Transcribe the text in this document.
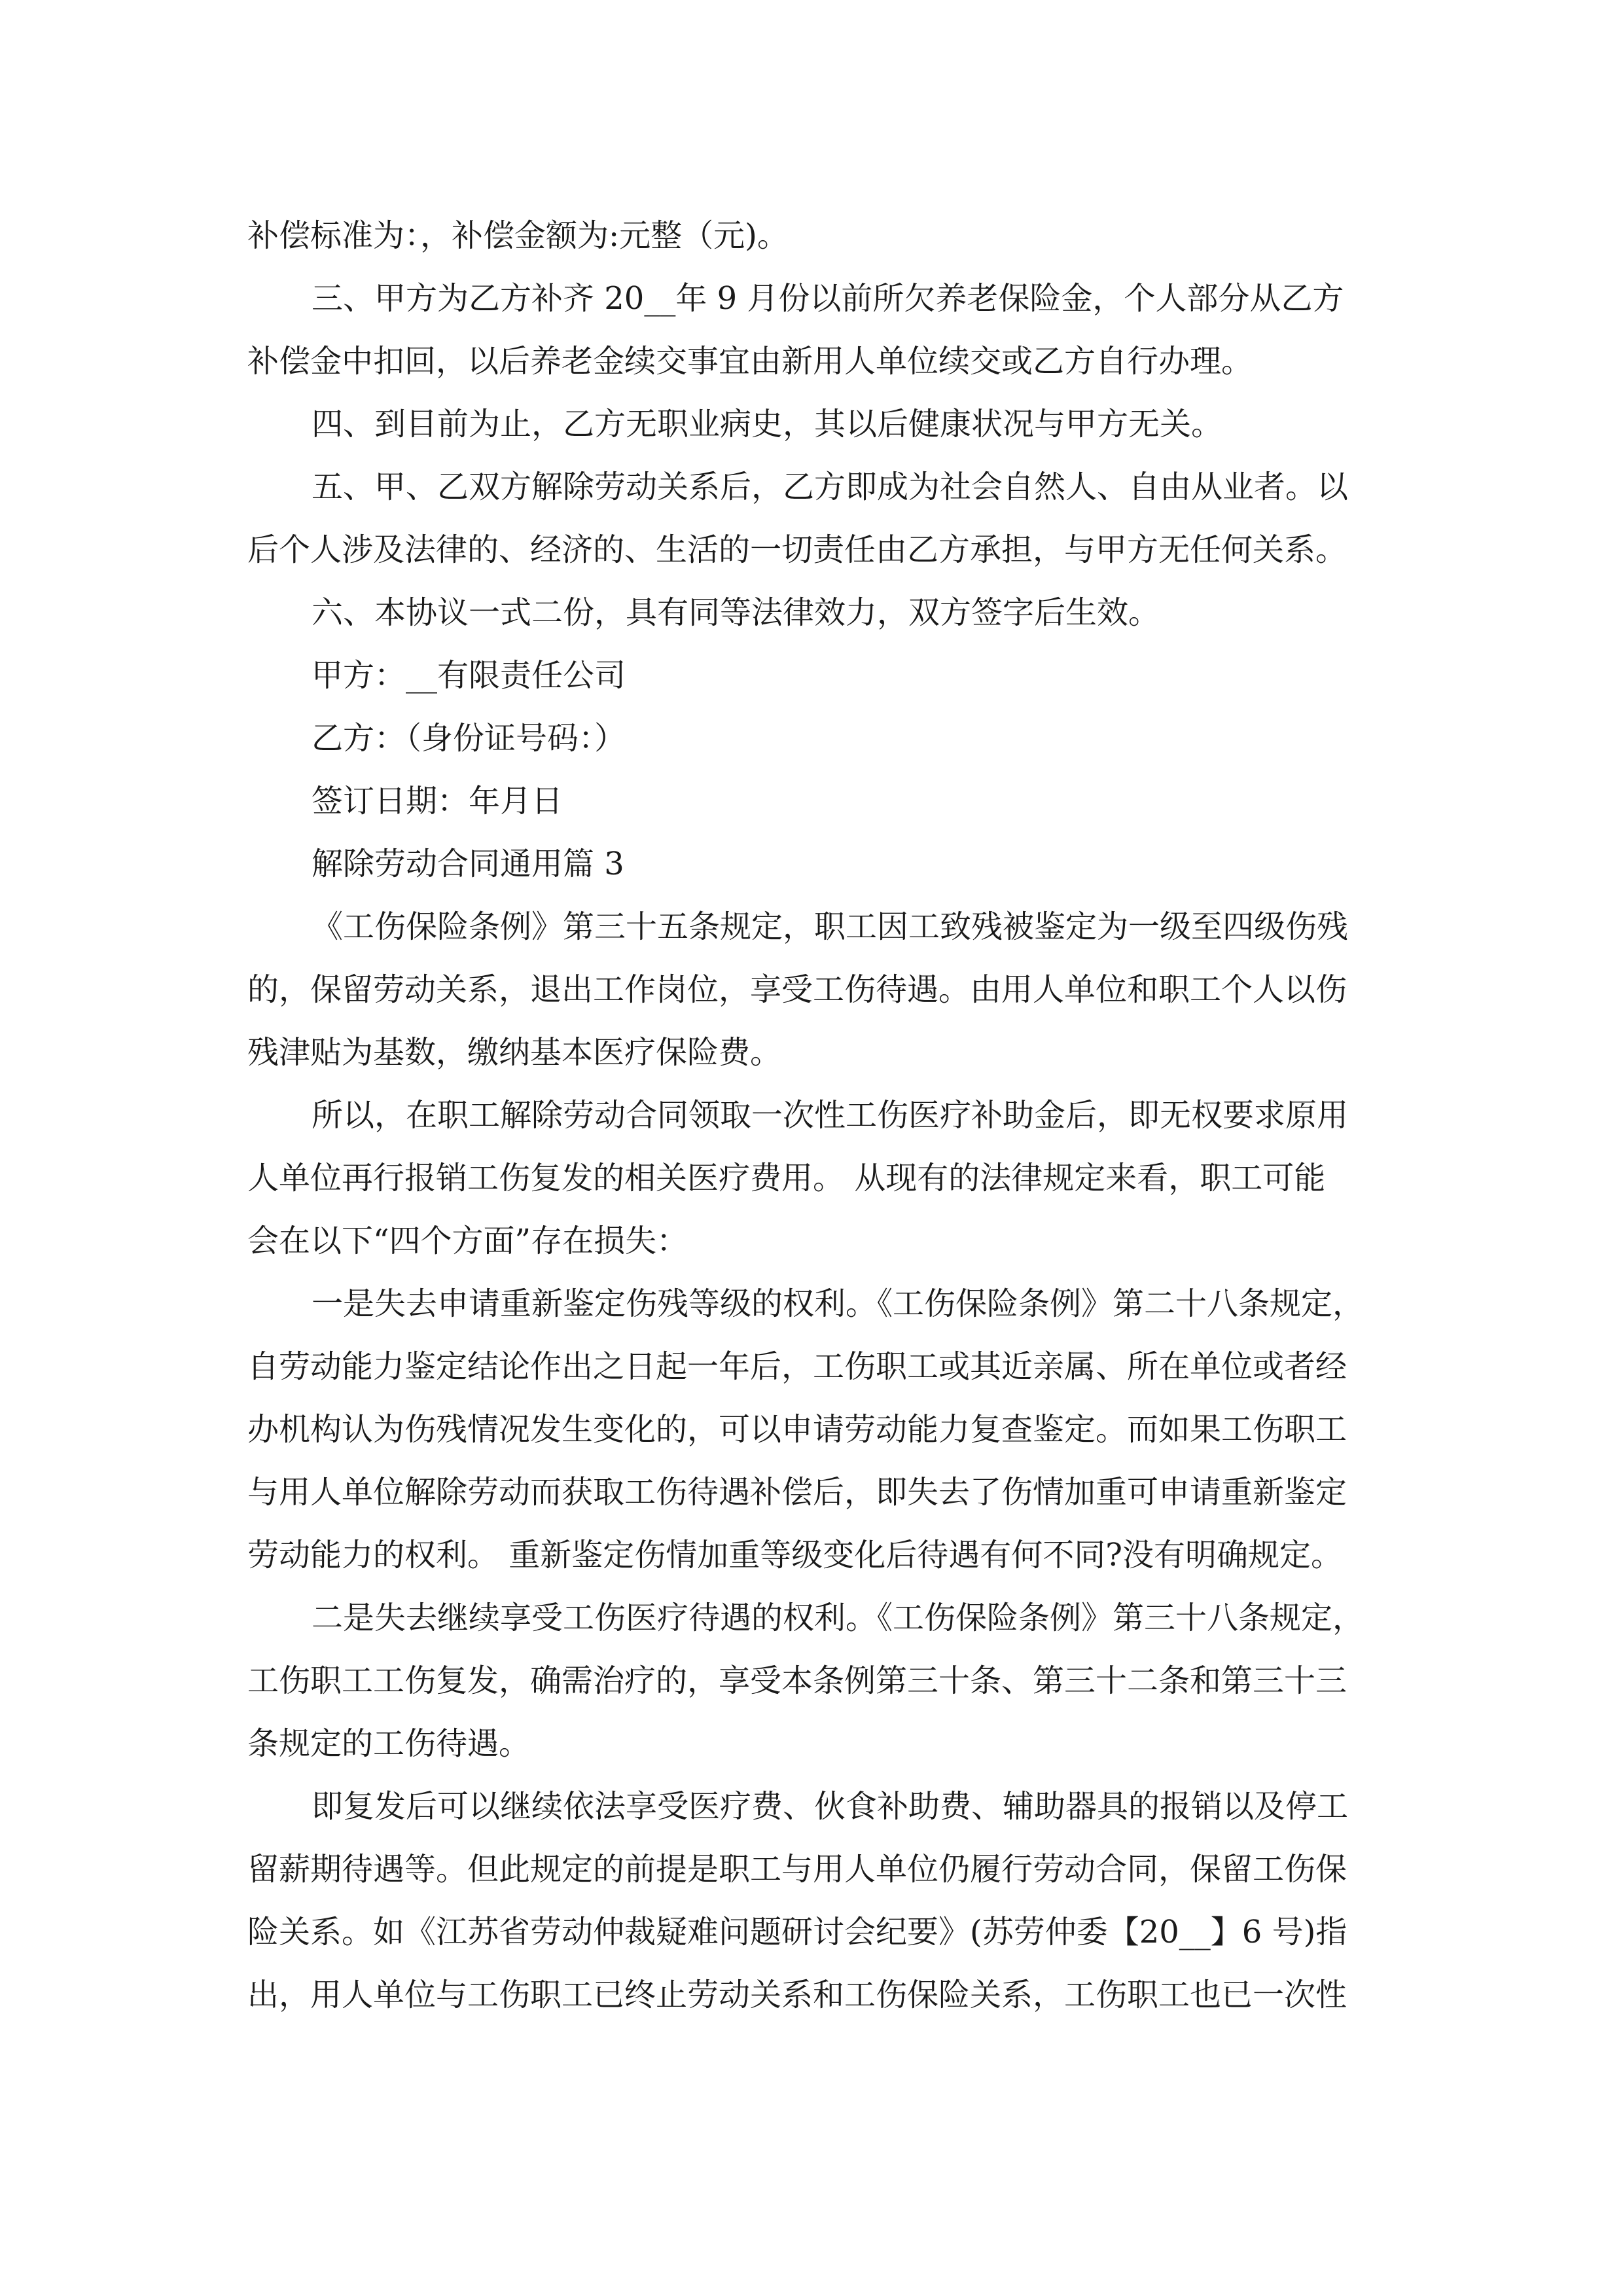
补偿标准为：，补偿金额为:元整（元)。
三、甲方为乙方补齐 20__年 9 月份以前所欠养老保险金，个人部分从乙方
补偿金中扣回，以后养老金续交事宜由新用人单位续交或乙方自行办理。
四、到目前为止，乙方无职业病史，其以后健康状况与甲方无关。
五、甲、乙双方解除劳动关系后，乙方即成为社会自然人、自由从业者。以
后个人涉及法律的、经济的、生活的一切责任由乙方承担，与甲方无任何关系。
六、本协议一式二份，具有同等法律效力，双方签字后生效。
甲方：__有限责任公司
乙方：（身份证号码：）
签订日期：年月日
解除劳动合同通用篇 3
《工伤保险条例》第三十五条规定，职工因工致残被鉴定为一级至四级伤残
的，保留劳动关系，退出工作岗位，享受工伤待遇。由用人单位和职工个人以伤
残津贴为基数，缴纳基本医疗保险费。
所以，在职工解除劳动合同领取一次性工伤医疗补助金后，即无权要求原用
人单位再行报销工伤复发的相关医疗费用。 从现有的法律规定来看，职工可能
会在以下“四个方面”存在损失：
一是失去申请重新鉴定伤残等级的权利。《工伤保险条例》第二十八条规定，
自劳动能力鉴定结论作出之日起一年后，工伤职工或其近亲属、所在单位或者经
办机构认为伤残情况发生变化的，可以申请劳动能力复查鉴定。而如果工伤职工
与用人单位解除劳动而获取工伤待遇补偿后，即失去了伤情加重可申请重新鉴定
劳动能力的权利。 重新鉴定伤情加重等级变化后待遇有何不同?没有明确规定。
二是失去继续享受工伤医疗待遇的权利。《工伤保险条例》第三十八条规定，
工伤职工工伤复发，确需治疗的，享受本条例第三十条、第三十二条和第三十三
条规定的工伤待遇。
即复发后可以继续依法享受医疗费、伙食补助费、辅助器具的报销以及停工
留薪期待遇等。但此规定的前提是职工与用人单位仍履行劳动合同，保留工伤保
险关系。如《江苏省劳动仲裁疑难问题研讨会纪要》(苏劳仲委【20__】6 号)指
出，用人单位与工伤职工已终止劳动关系和工伤保险关系，工伤职工也已一次性
